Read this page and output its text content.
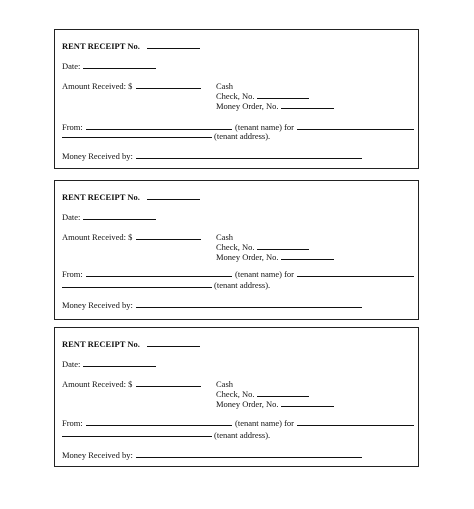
RENT RECEIPT No.
Date:
Amount Received: $	Cash
Check, No.
Money Order, No.
From:	(tenant name) for
(tenant address).
Money Received by:
RENT RECEIPT No.
Date:
Amount Received: $	Cash
Check, No.
Money Order, No.
From:	(tenant name) for
(tenant address).
Money Received by:
RENT RECEIPT No.
Date:
Amount Received: $	Cash
Check, No.
Money Order, No.
From:	(tenant name) for
(tenant address).
Money Received by:
